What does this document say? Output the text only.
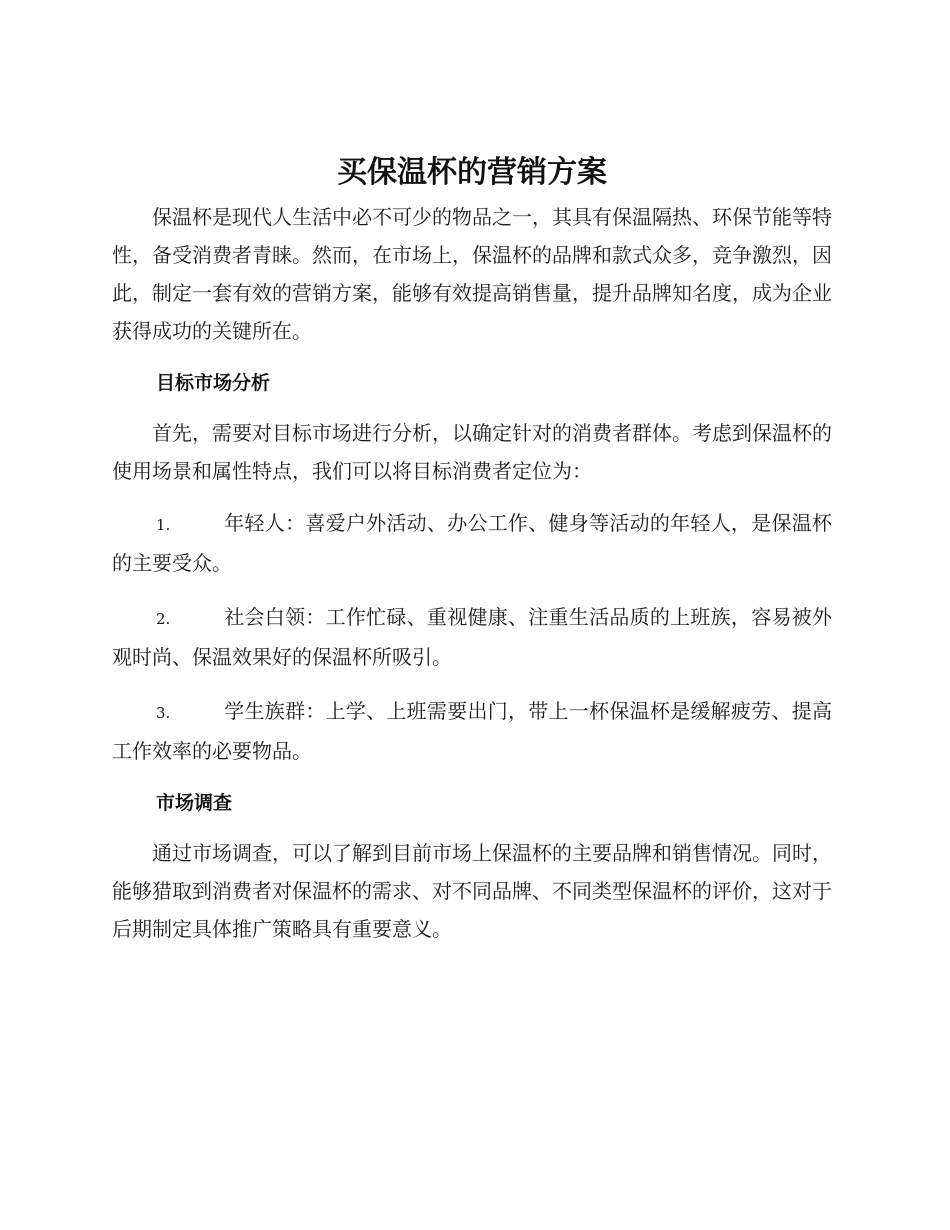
买保温杯的营销方案

保温杯是现代人生活中必不可少的物品之一，其具有保温隔热、环保节能等特性，备受消费者青睐。然而，在市场上，保温杯的品牌和款式众多，竞争激烈，因此，制定一套有效的营销方案，能够有效提高销售量，提升品牌知名度，成为企业获得成功的关键所在。

目标市场分析

首先，需要对目标市场进行分析，以确定针对的消费者群体。考虑到保温杯的使用场景和属性特点，我们可以将目标消费者定位为：

1.	年轻人：喜爱户外活动、办公工作、健身等活动的年轻人，是保温杯的主要受众。
2.	社会白领：工作忙碌、重视健康、注重生活品质的上班族，容易被外观时尚、保温效果好的保温杯所吸引。
3.	学生族群：上学、上班需要出门，带上一杯保温杯是缓解疲劳、提高工作效率的必要物品。
市场调查

通过市场调查，可以了解到目前市场上保温杯的主要品牌和销售情况。同时，能够猎取到消费者对保温杯的需求、对不同品牌、不同类型保温杯的评价，这对于后期制定具体推广策略具有重要意义。
